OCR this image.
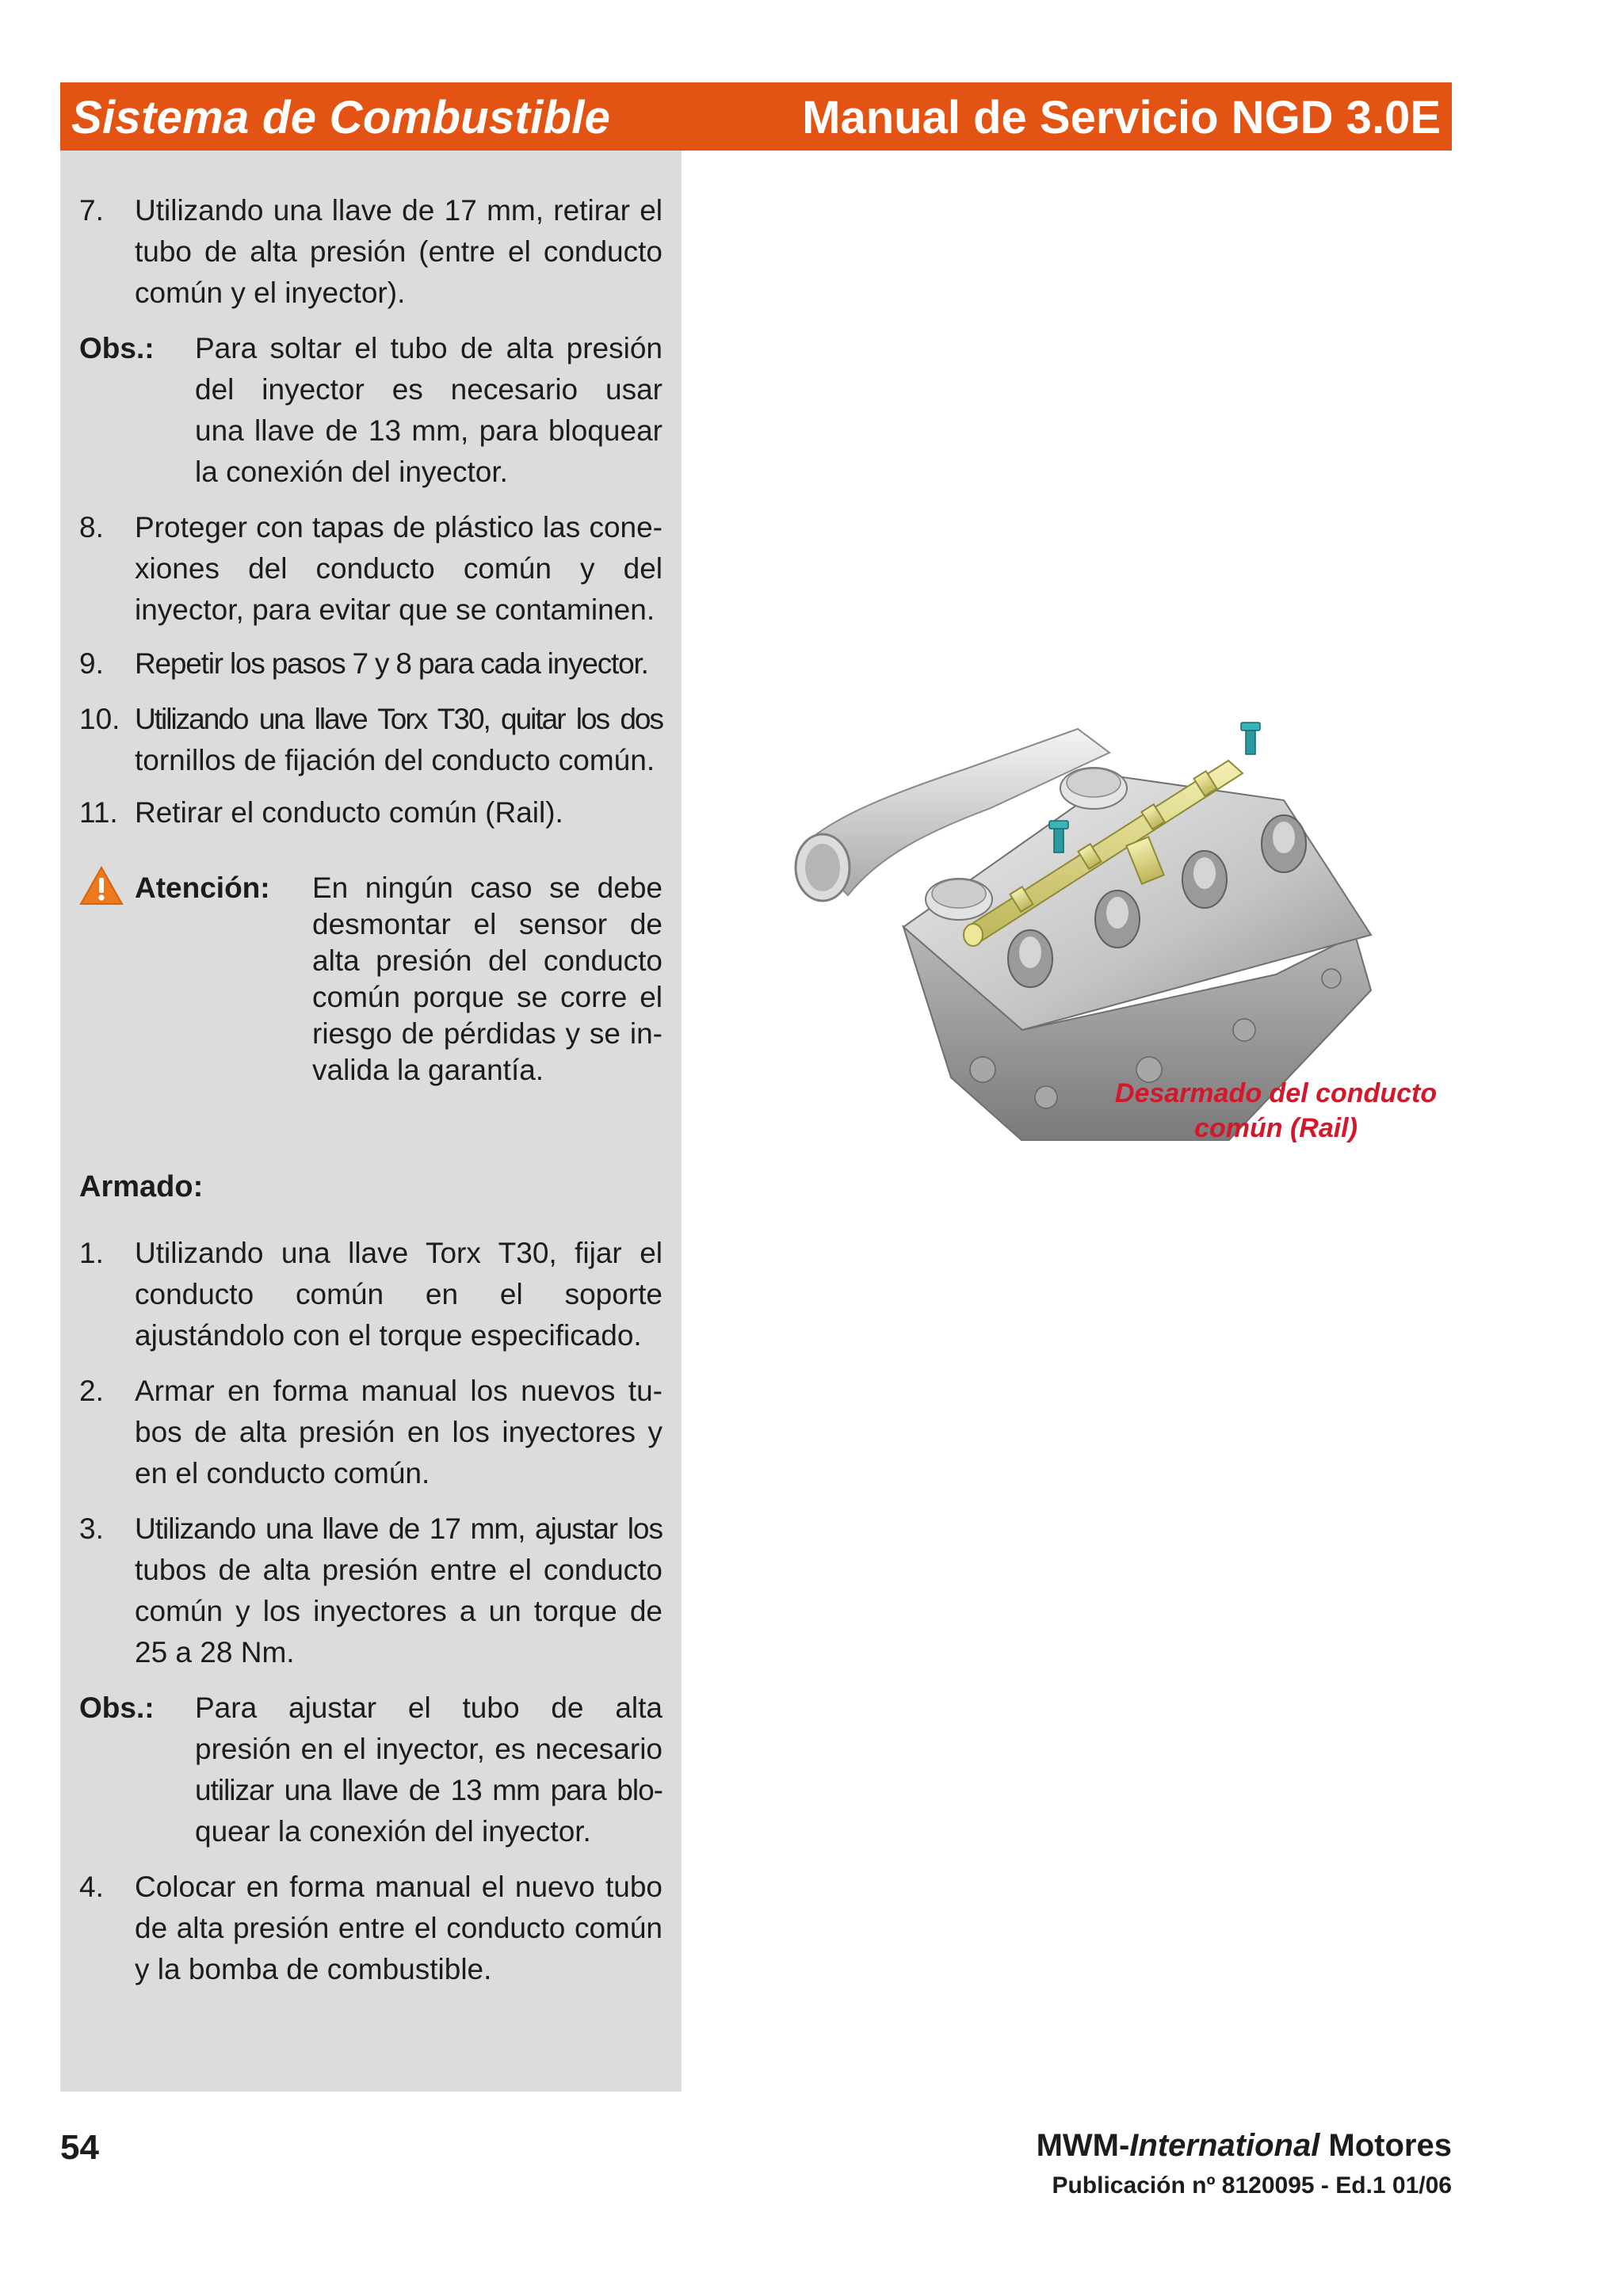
Sistema de Combustible	Manual de Servicio NGD 3.0E
7. Utilizando una llave de 17 mm, retirar el
tubo de alta presión (entre el conducto
común y el inyector).
Obs.: Para soltar el tubo de alta presión
del inyector es necesario usar
una llave de 13 mm, para bloquear
la conexión del inyector.
8. Proteger con tapas de plástico las cone-
xiones del conducto común y del
inyector, para evitar que se contaminen.
9. Repetir los pasos 7 y 8 para cada inyector.
10. Utilizando una llave Torx T30, quitar los dos
tornillos de fijación del conducto común.
11. Retirar el conducto común (Rail).
Atención: En ningún caso se debe
desmontar el sensor de
alta presión del conducto
común porque se corre el
riesgo de pérdidas y se in-
valida la garantía.
Armado:
1. Utilizando una llave Torx T30, fijar el
conducto común en el soporte
ajustándolo con el torque especificado.
2. Armar en forma manual los nuevos tu-
bos de alta presión en los inyectores y
en el conducto común.
3. Utilizando una llave de 17 mm, ajustar los
tubos de alta presión entre el conducto
común y los inyectores a un torque de
25 a 28 Nm.
Obs.: Para ajustar el tubo de alta
presión en el inyector, es necesario
utilizar una llave de 13 mm para blo-
quear la conexión del inyector.
4. Colocar en forma manual el nuevo tubo
de alta presión entre el conducto común
y la bomba de combustible.
Desarmado del conducto
común (Rail)
54	MWM-International Motores
Publicación nº 8120095 - Ed.1 01/06
